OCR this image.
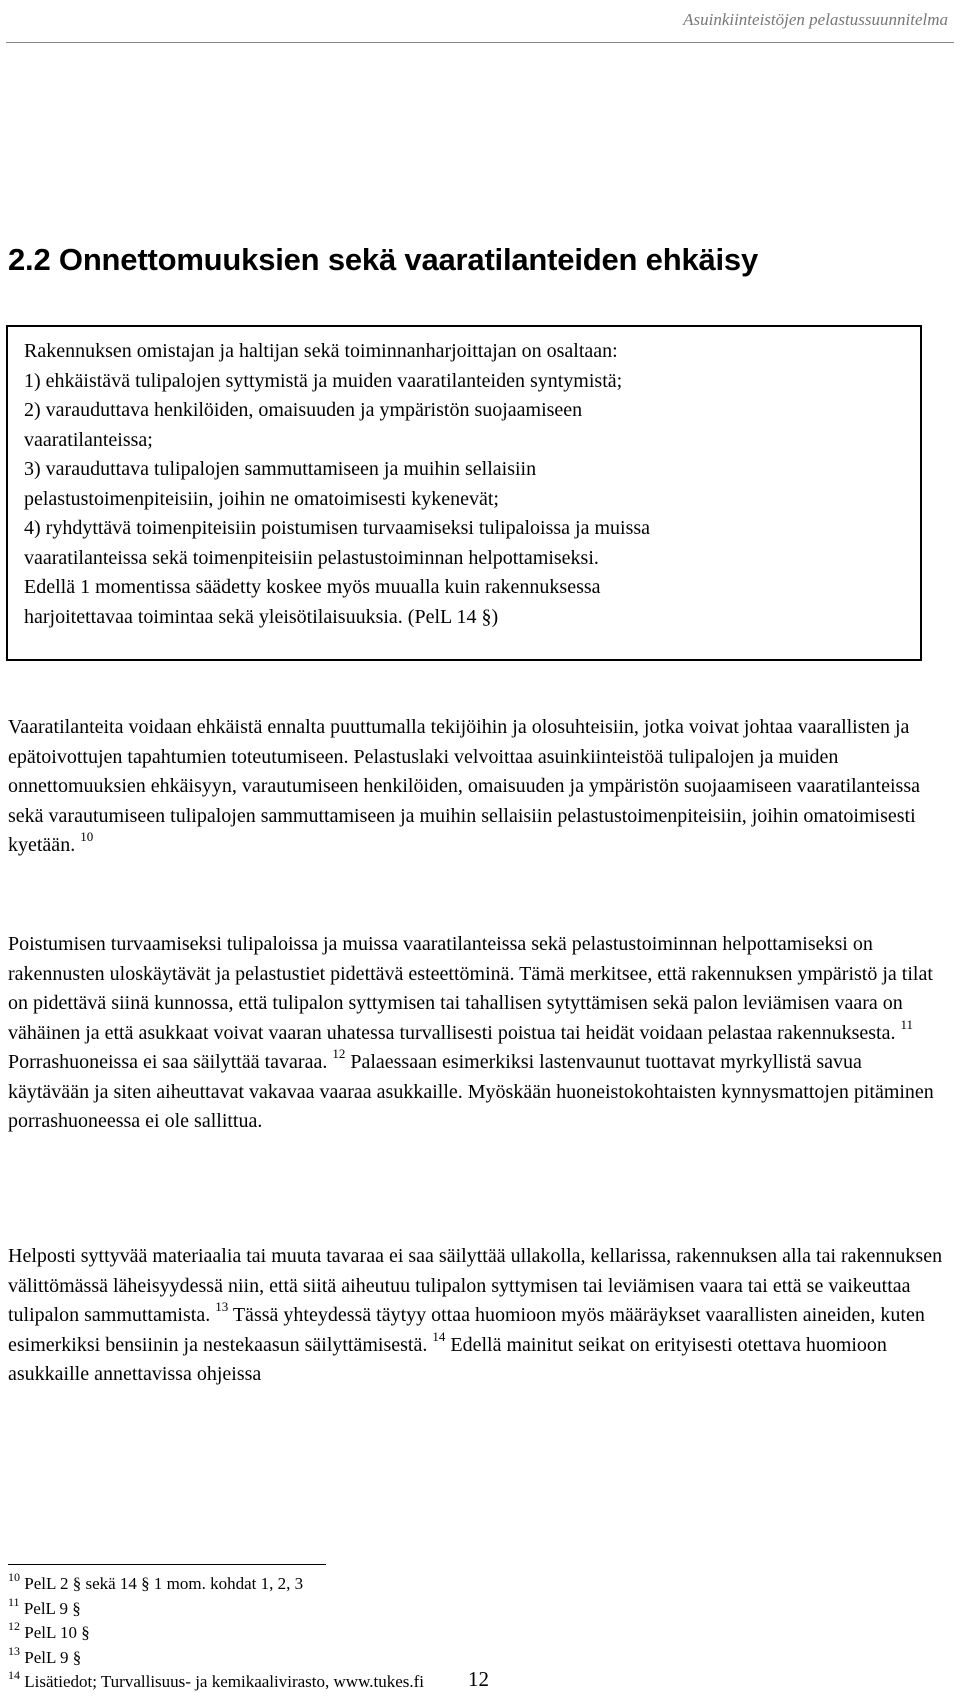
Asuinkiinteistöjen pelastussuunnitelma
2.2 Onnettomuuksien sekä vaaratilanteiden ehkäisy

Rakennuksen omistajan ja haltijan sekä toiminnanharjoittajan on osaltaan:

1) ehkäistävä tulipalojen syttymistä ja muiden vaaratilanteiden syntymistä;

2) varauduttava henkilöiden, omaisuuden ja ympäristön suojaamiseen

vaaratilanteissa;

3) varauduttava tulipalojen sammuttamiseen ja muihin sellaisiin

pelastustoimenpiteisiin, joihin ne omatoimisesti kykenevät;

4) ryhdyttävä toimenpiteisiin poistumisen turvaamiseksi tulipaloissa ja muissa

vaaratilanteissa sekä toimenpiteisiin pelastustoiminnan helpottamiseksi.

Edellä 1 momentissa säädetty koskee myös muualla kuin rakennuksessa

harjoitettavaa toimintaa sekä yleisötilaisuuksia. (PelL 14 §)

Vaaratilanteita voidaan ehkäistä ennalta puuttumalla tekijöihin ja olosuhteisiin, jotka voivat johtaa vaarallisten ja epätoivottujen tapahtumien toteutumiseen. Pelastuslaki velvoittaa asuinkiinteistöä tulipalojen ja muiden onnettomuuksien ehkäisyyn, varautumiseen henkilöiden, omaisuuden ja ympäristön suojaamiseen vaaratilanteissa sekä varautumiseen tulipalojen sammuttamiseen ja muihin sellaisiin pelastustoimenpiteisiin, joihin omatoimisesti kyetään. $^{10}$

Poistumisen turvaamiseksi tulipaloissa ja muissa vaaratilanteissa sekä pelastustoiminnan helpottamiseksi on rakennusten uloskäytävät ja pelastustiet pidettävä esteettöminä. Tämä merkitsee, että rakennuksen ympäristö ja tilat on pidettävä siinä kunnossa, että tulipalon syttymisen tai tahallisen sytyttämisen sekä palon leviämisen vaara on vähäinen ja että asukkaat voivat vaaran uhatessa turvallisesti poistua tai heidät voidaan pelastaa rakennuksesta. $^{11}$ Porrashuoneissa ei saa säilyttää tavaraa. $^{12}$ Palaessaan esimerkiksi lastenvaunut tuottavat myrkyllistä savua käytävään ja siten aiheuttavat vakavaa vaaraa asukkaille. Myöskään huoneistokohtaisten kynnysmattojen pitäminen porrashuoneessa ei ole sallittua.

Helposti syttyvää materiaalia tai muuta tavaraa ei saa säilyttää ullakolla, kellarissa, rakennuksen alla tai rakennuksen välittömässä läheisyydessä niin, että siitä aiheutuu tulipalon syttymisen tai leviämisen vaara tai että se vaikeuttaa tulipalon sammuttamista. $^{13}$ Tässä yhteydessä täytyy ottaa huomioon myös määräykset vaarallisten aineiden, kuten esimerkiksi bensiinin ja nestekaasun säilyttämisestä. $^{14}$ Edellä mainitut seikat on erityisesti otettava huomioon asukkaille annettavissa ohjeissa

$^{10}$ PelL 2 § sekä 14 § 1 mom. kohdat 1, 2, 3
$^{11}$ PelL 9 §
$^{12}$ PelL 10 §
$^{13}$ PelL 9 §
$^{14}$ Lisätiedot; Turvallisuus- ja kemikaalivirasto, www.tukes.fi 12
